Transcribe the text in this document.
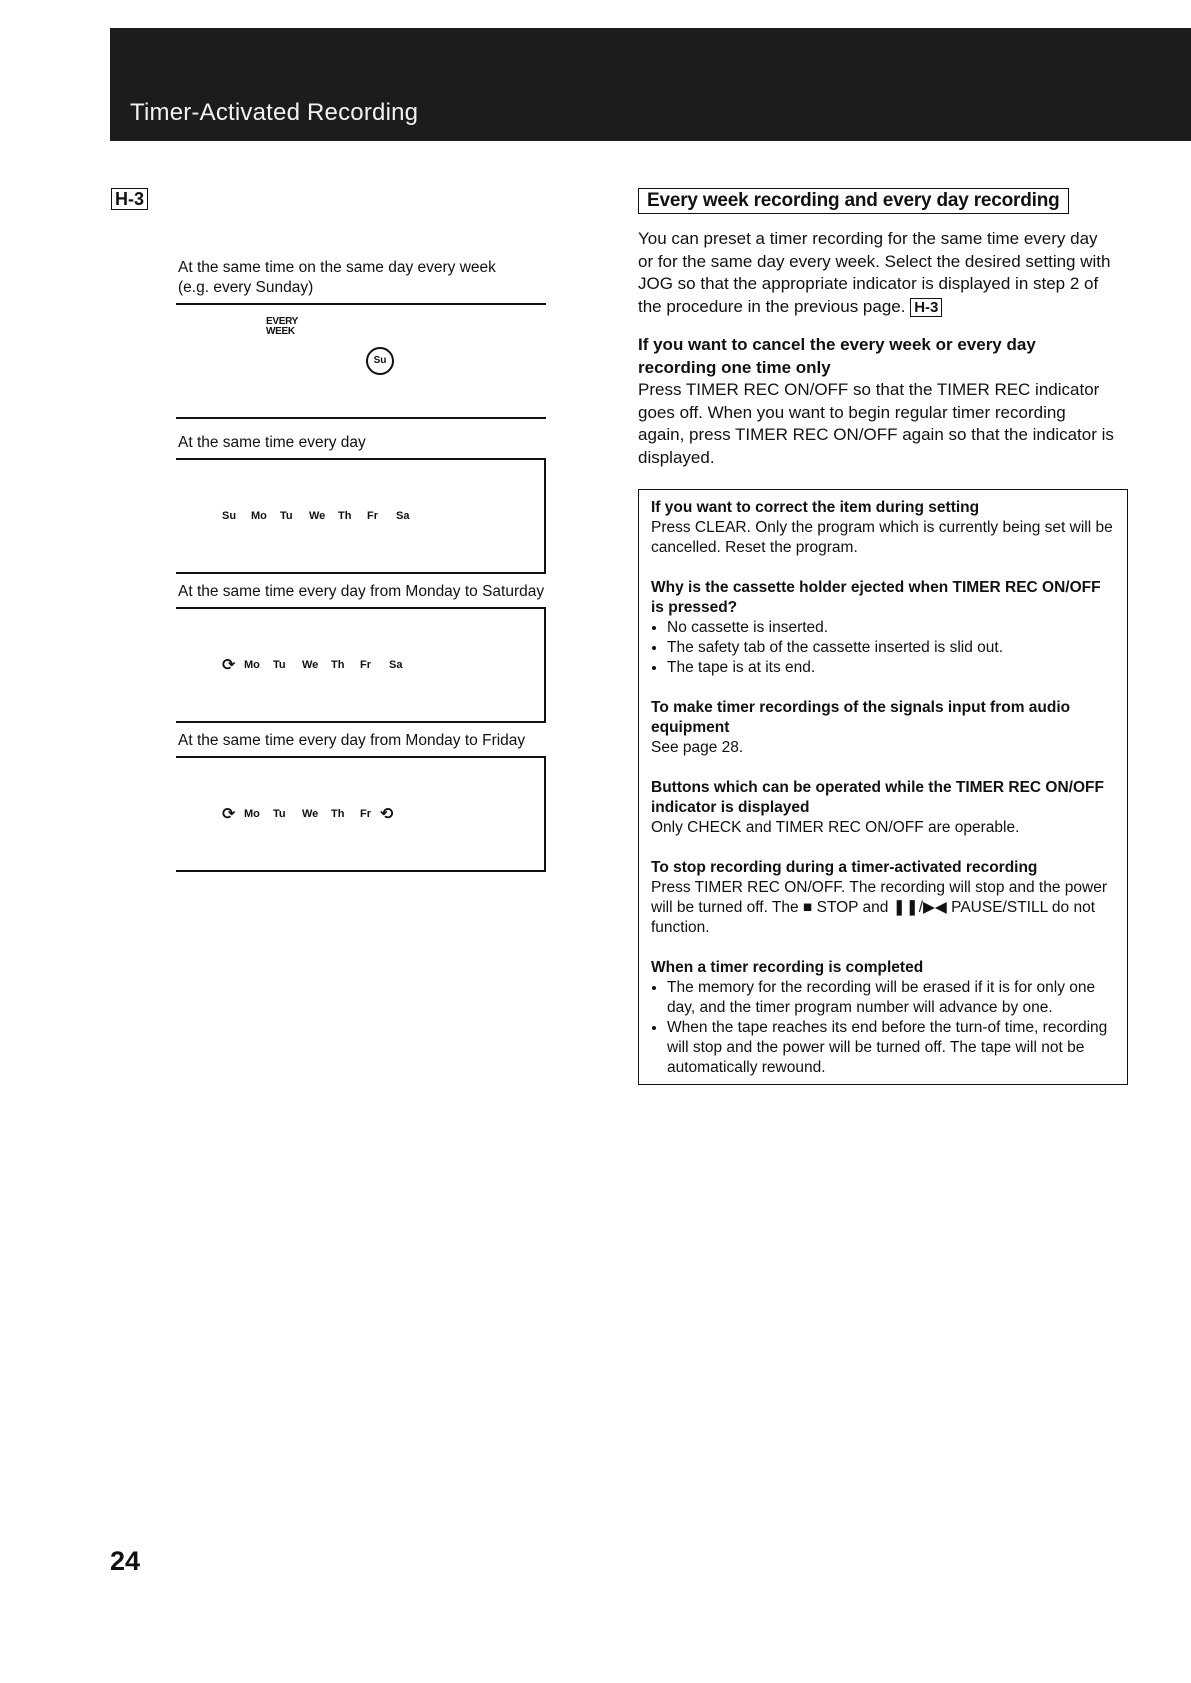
Timer-Activated Recording
H-3
At the same time on the same day every week
(e.g. every Sunday)
EVERY
WEEK
Su
At the same time every day
Su	Mo	Tu	We	Th	Fr	Sa
At the same time every day from Monday to Saturday
⟳ Mo	Tu	We	Th	Fr	Sa
At the same time every day from Monday to Friday
⟳ Mo	Tu	We	Th	Fr ⟲
Every week recording and every day recording

You can preset a timer recording for the same time every day or for the same day every week. Select the desired setting with JOG so that the appropriate indicator is displayed in step 2 of the procedure in the previous page. H-3

If you want to cancel the every week or every day recording one time only

Press TIMER REC ON/OFF so that the TIMER REC indicator goes off. When you want to begin regular timer recording again, press TIMER REC ON/OFF again so that the indicator is displayed.

If you want to correct the item during setting
Press CLEAR. Only the program which is currently being set will be cancelled. Reset the program.
Why is the cassette holder ejected when TIMER REC ON/OFF is pressed?
• No cassette is inserted.
• The safety tab of the cassette inserted is slid out.
• The tape is at its end.
To make timer recordings of the signals input from audio equipment
See page 28.
Buttons which can be operated while the TIMER REC ON/OFF indicator is displayed
Only CHECK and TIMER REC ON/OFF are operable.
To stop recording during a timer-activated recording
Press TIMER REC ON/OFF. The recording will stop and the power will be turned off. The ■ STOP and ❚❚/▶◀ PAUSE/STILL do not function.
When a timer recording is completed
• The memory for the recording will be erased if it is for only one day, and the timer program number will advance by one.
• When the tape reaches its end before the turn-of time, recording will stop and the power will be turned off. The tape will not be automatically rewound.
24
